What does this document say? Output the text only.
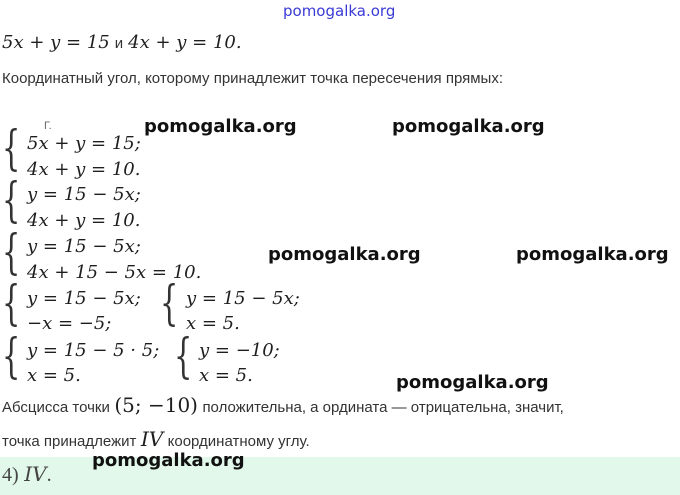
pomogalka.org
5x + y = 15 и 4x + y = 10.
Координатный угол, которому принадлежит точка пересечения прямых:
Г.
{ 5x + y = 15;
4x + y = 10.
{ y = 15 − 5x;
4x + y = 10.
{ y = 15 − 5x;
4x + 15 − 5x = 10.
{ y = 15 − 5x;
−x = −5; { y = 15 − 5x;
x = 5.
{ y = 15 − 5 · 5;
x = 5. { y = −10;
x = 5.
Абсцисса точки (5; −10) положительна, а ордината — отрицательна, значит,
точка принадлежит IV координатному углу.
4) IV.
pomogalka.org	pomogalka.org
pomogalka.org	pomogalka.org
pomogalka.org
pomogalka.org
